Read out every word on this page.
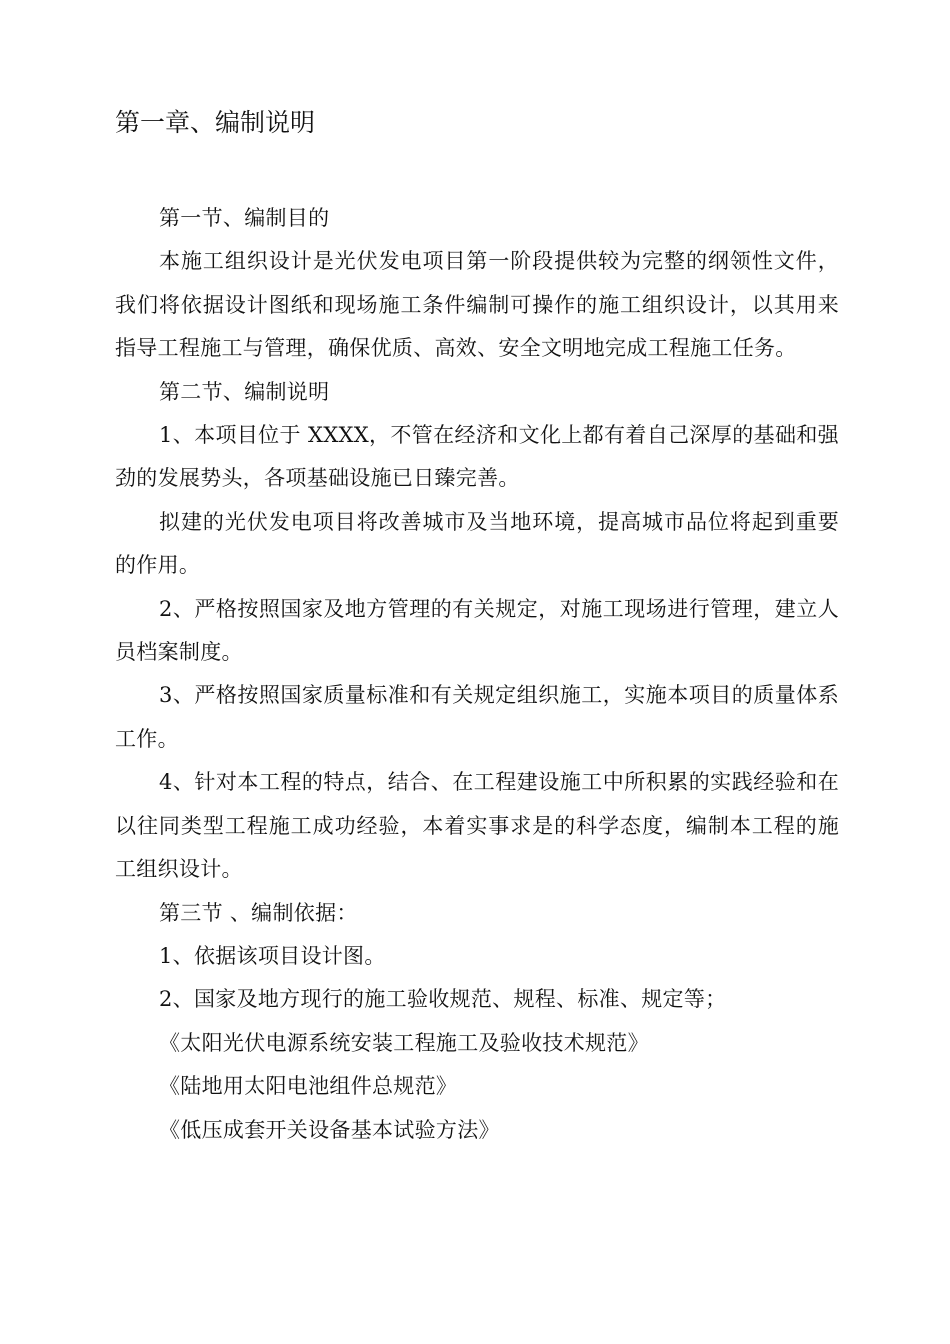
第一章、编制说明

第一节、编制目的

本施工组织设计是光伏发电项目第一阶段提供较为完整的纲领性文件，我们将依据设计图纸和现场施工条件编制可操作的施工组织设计，以其用来指导工程施工与管理，确保优质、高效、安全文明地完成工程施工任务。

第二节、编制说明

1、本项目位于 XXXX，不管在经济和文化上都有着自己深厚的基础和强劲的发展势头，各项基础设施已日臻完善。

拟建的光伏发电项目将改善城市及当地环境，提高城市品位将起到重要的作用。

2、严格按照国家及地方管理的有关规定，对施工现场进行管理，建立人员档案制度。

3、严格按照国家质量标准和有关规定组织施工，实施本项目的质量体系工作。

4、针对本工程的特点，结合、在工程建设施工中所积累的实践经验和在以往同类型工程施工成功经验，本着实事求是的科学态度，编制本工程的施工组织设计。

第三节 、编制依据：

1、依据该项目设计图。

2、国家及地方现行的施工验收规范、规程、标准、规定等；

《太阳光伏电源系统安装工程施工及验收技术规范》

《陆地用太阳电池组件总规范》

《低压成套开关设备基本试验方法》
